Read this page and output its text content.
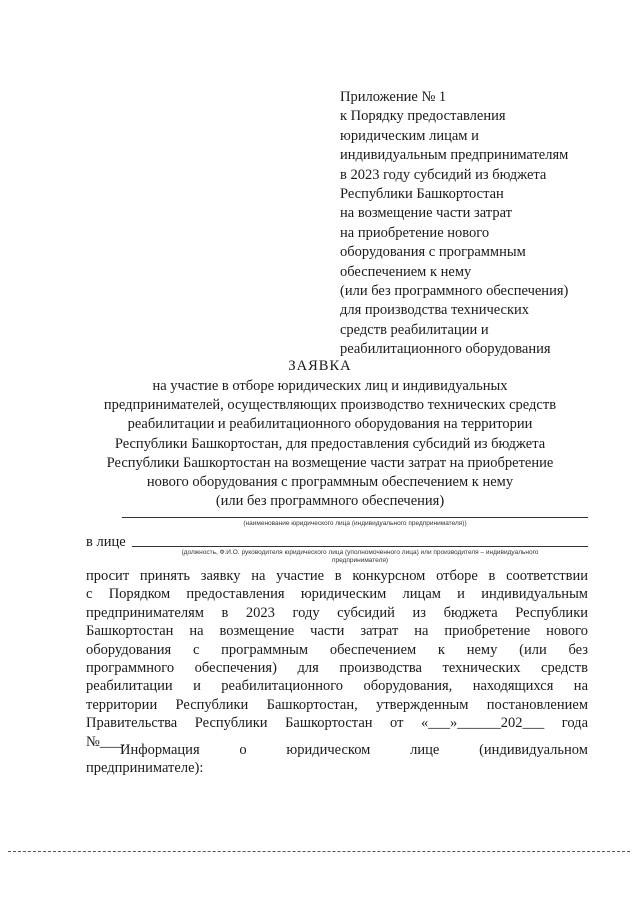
Приложение № 1
к Порядку предоставления
юридическим лицам и
индивидуальным предпринимателям
в 2023 году субсидий из бюджета
Республики Башкортостан
на возмещение части затрат
на приобретение нового
оборудования с программным
обеспечением к нему
(или без программного обеспечения)
для производства технических
средств реабилитации и
реабилитационного оборудования
ЗАЯВКА
на участие в отборе юридических лиц и индивидуальных
предпринимателей, осуществляющих производство технических средств
реабилитации и реабилитационного оборудования на территории
Республики Башкортостан, для предоставления субсидий из бюджета
Республики Башкортостан на возмещение части затрат на приобретение
нового оборудования с программным обеспечением к нему
(или без программного обеспечения)
(наименование юридического лица (индивидуального предпринимателя))
в лице
(должность, Ф.И.О. руководителя юридического лица (уполномоченного лица) или производителя – индивидуального
предпринимателя)
просит принять заявку на участие в конкурсном отборе в соответствии
с Порядком предоставления юридическим лицам и индивидуальным
предпринимателям в 2023 году субсидий из бюджета Республики
Башкортостан на возмещение части затрат на приобретение нового
оборудования с программным обеспечением к нему (или без
программного обеспечения) для производства технических средств
реабилитации и реабилитационного оборудования, находящихся на
территории Республики Башкортостан, утвержденным постановлением
Правительства Республики Башкортостан от «___»______202___ года
№___.
Информация	о	юридическом	лице	(индивидуальном
предпринимателе):
